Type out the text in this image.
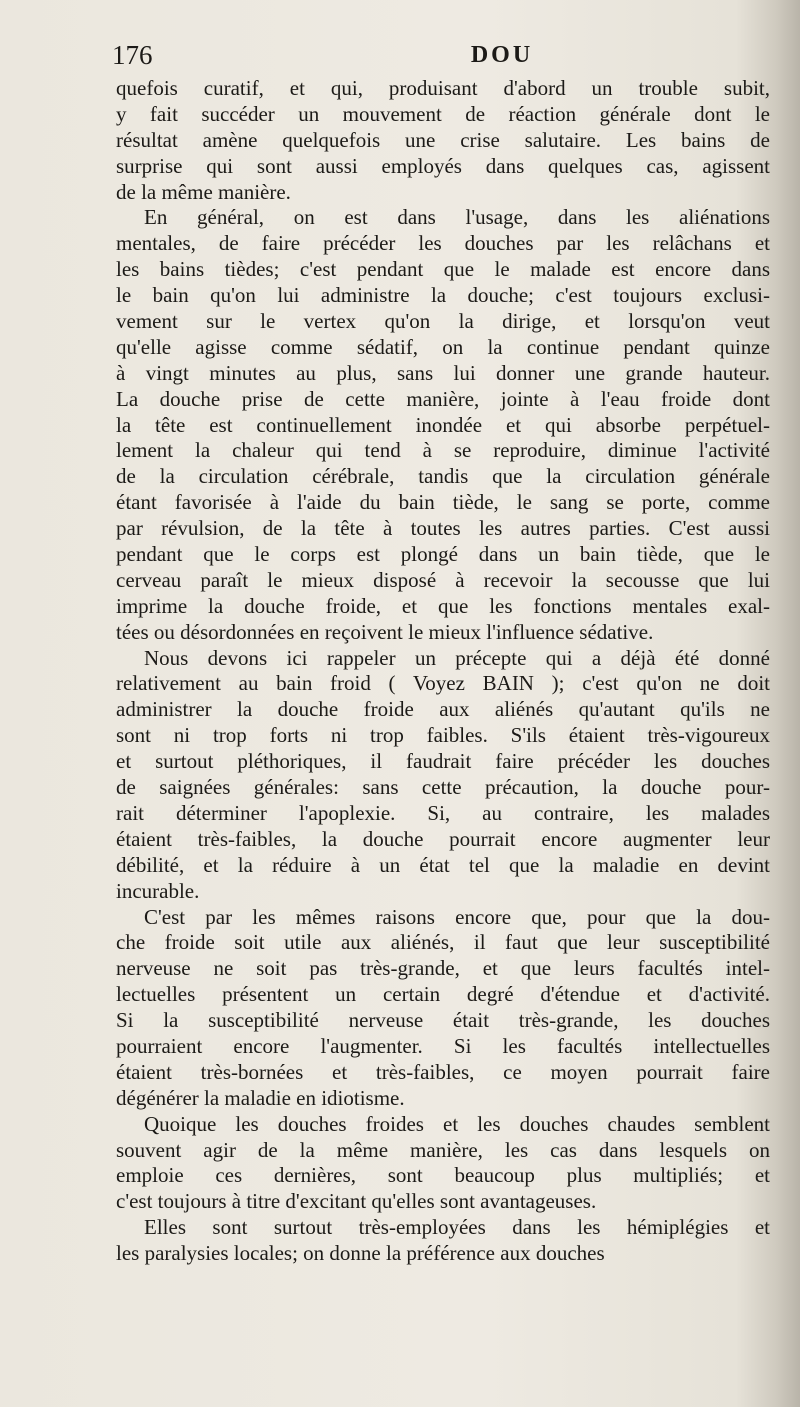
176	DOU
quefois curatif, et qui, produisant d'abord un trouble subit,
y fait succéder un mouvement de réaction générale dont le
résultat amène quelquefois une crise salutaire. Les bains de
surprise qui sont aussi employés dans quelques cas, agissent
de la même manière.
En général, on est dans l'usage, dans les aliénations
mentales, de faire précéder les douches par les relâchans et
les bains tièdes; c'est pendant que le malade est encore dans
le bain qu'on lui administre la douche; c'est toujours exclusi-
vement sur le vertex qu'on la dirige, et lorsqu'on veut
qu'elle agisse comme sédatif, on la continue pendant quinze
à vingt minutes au plus, sans lui donner une grande hauteur.
La douche prise de cette manière, jointe à l'eau froide dont
la tête est continuellement inondée et qui absorbe perpétuel-
lement la chaleur qui tend à se reproduire, diminue l'activité
de la circulation cérébrale, tandis que la circulation générale
étant favorisée à l'aide du bain tiède, le sang se porte, comme
par révulsion, de la tête à toutes les autres parties. C'est aussi
pendant que le corps est plongé dans un bain tiède, que le
cerveau paraît le mieux disposé à recevoir la secousse que lui
imprime la douche froide, et que les fonctions mentales exal-
tées ou désordonnées en reçoivent le mieux l'influence sédative.
Nous devons ici rappeler un précepte qui a déjà été donné
relativement au bain froid ( Voyez BAIN ); c'est qu'on ne doit
administrer la douche froide aux aliénés qu'autant qu'ils ne
sont ni trop forts ni trop faibles. S'ils étaient très-vigoureux
et surtout pléthoriques, il faudrait faire précéder les douches
de saignées générales: sans cette précaution, la douche pour-
rait déterminer l'apoplexie. Si, au contraire, les malades
étaient très-faibles, la douche pourrait encore augmenter leur
débilité, et la réduire à un état tel que la maladie en devint
incurable.
C'est par les mêmes raisons encore que, pour que la dou-
che froide soit utile aux aliénés, il faut que leur susceptibilité
nerveuse ne soit pas très-grande, et que leurs facultés intel-
lectuelles présentent un certain degré d'étendue et d'activité.
Si la susceptibilité nerveuse était très-grande, les douches
pourraient encore l'augmenter. Si les facultés intellectuelles
étaient très-bornées et très-faibles, ce moyen pourrait faire
dégénérer la maladie en idiotisme.
Quoique les douches froides et les douches chaudes semblent
souvent agir de la même manière, les cas dans lesquels on
emploie ces dernières, sont beaucoup plus multipliés; et
c'est toujours à titre d'excitant qu'elles sont avantageuses.
Elles sont surtout très-employées dans les hémiplégies et
les paralysies locales; on donne la préférence aux douches
